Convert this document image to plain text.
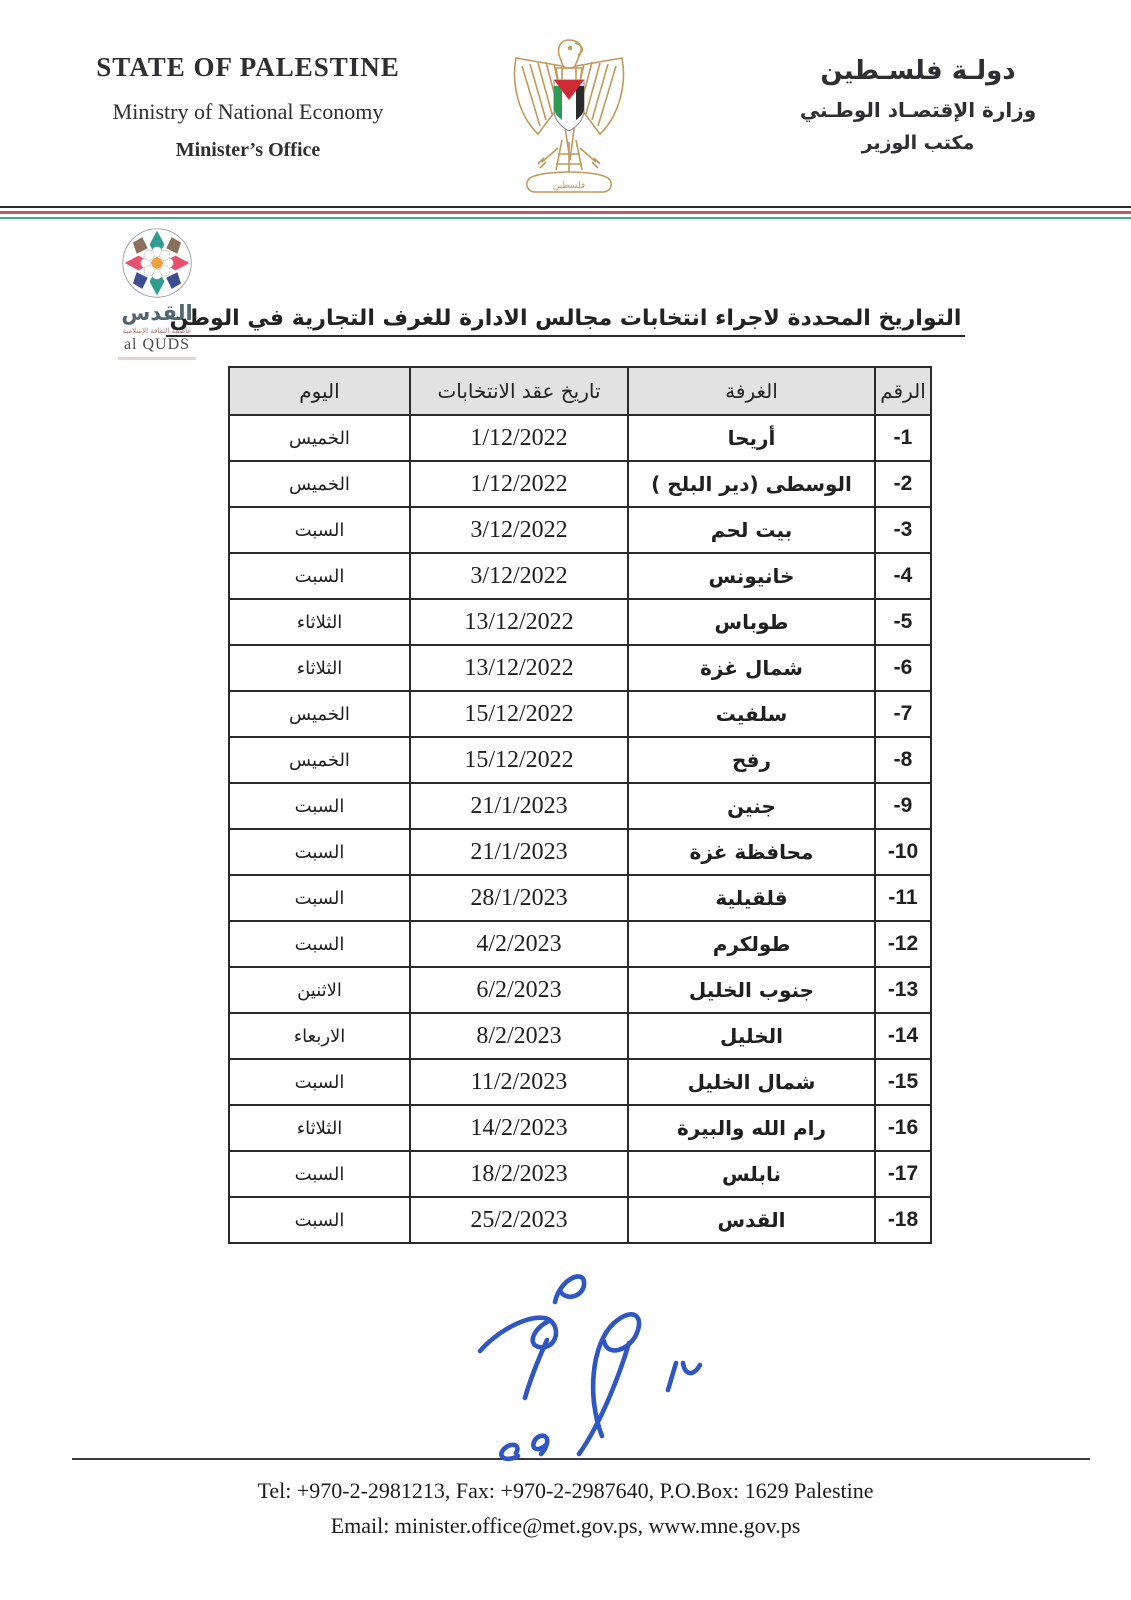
STATE OF PALESTINE
Ministry of National Economy
Minister’s Office
فلسطين
دولـة فلسـطين
وزارة الإقتصـاد الوطـني
مكتب الوزير
القدس
عاصمة الثقافة الإسلامية
al QUDS
التواريخ المحددة لاجراء انتخابات مجالس الادارة للغرف التجارية في الوطن
الرقم	الغرفة	تاريخ عقد الانتخابات	اليوم
-1	أريحا	1/12/2022	الخميس
-2	الوسطى (دير البلح )	1/12/2022	الخميس
-3	بيت لحم	3/12/2022	السبت
-4	خانيونس	3/12/2022	السبت
-5	طوباس	13/12/2022	الثلاثاء
-6	شمال غزة	13/12/2022	الثلاثاء
-7	سلفيت	15/12/2022	الخميس
-8	رفح	15/12/2022	الخميس
-9	جنين	21/1/2023	السبت
-10	محافظة غزة	21/1/2023	السبت
-11	قلقيلية	28/1/2023	السبت
-12	طولكرم	4/2/2023	السبت
-13	جنوب الخليل	6/2/2023	الاثنين
-14	الخليل	8/2/2023	الاربعاء
-15	شمال الخليل	11/2/2023	السبت
-16	رام الله والبيرة	14/2/2023	الثلاثاء
-17	نابلس	18/2/2023	السبت
-18	القدس	25/2/2023	السبت
Tel: +970-2-2981213, Fax: +970-2-2987640, P.O.Box: 1629 Palestine
Email: minister.office@met.gov.ps, www.mne.gov.ps
